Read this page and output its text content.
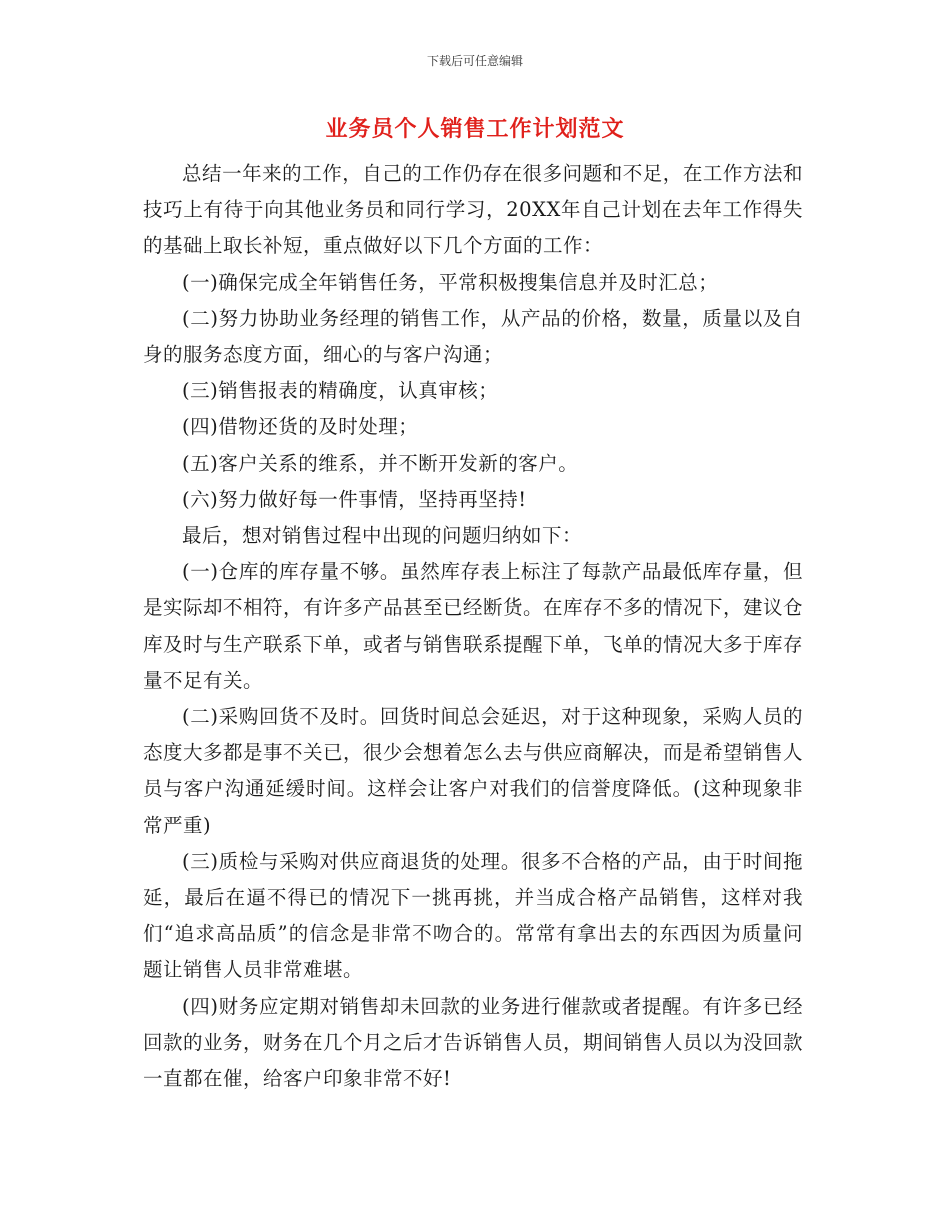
下载后可任意编辑
业务员个人销售工作计划范文

总结一年来的工作，自己的工作仍存在很多问题和不足，在工作方法和技巧上有待于向其他业务员和同行学习，20XX年自己计划在去年工作得失的基础上取长补短，重点做好以下几个方面的工作：

(一)确保完成全年销售任务，平常积极搜集信息并及时汇总；

(二)努力协助业务经理的销售工作，从产品的价格，数量，质量以及自身的服务态度方面，细心的与客户沟通；

(三)销售报表的精确度，认真审核；

(四)借物还货的及时处理；

(五)客户关系的维系，并不断开发新的客户。

(六)努力做好每一件事情，坚持再坚持!

最后，想对销售过程中出现的问题归纳如下：

(一)仓库的库存量不够。虽然库存表上标注了每款产品最低库存量，但是实际却不相符，有许多产品甚至已经断货。在库存不多的情况下，建议仓库及时与生产联系下单，或者与销售联系提醒下单，飞单的情况大多于库存量不足有关。

(二)采购回货不及时。回货时间总会延迟，对于这种现象，采购人员的态度大多都是事不关已，很少会想着怎么去与供应商解决，而是希望销售人员与客户沟通延缓时间。这样会让客户对我们的信誉度降低。(这种现象非常严重)

(三)质检与采购对供应商退货的处理。很多不合格的产品，由于时间拖延，最后在逼不得已的情况下一挑再挑，并当成合格产品销售，这样对我们“追求高品质”的信念是非常不吻合的。常常有拿出去的东西因为质量问题让销售人员非常难堪。

(四)财务应定期对销售却未回款的业务进行催款或者提醒。有许多已经回款的业务，财务在几个月之后才告诉销售人员，期间销售人员以为没回款一直都在催，给客户印象非常不好!
